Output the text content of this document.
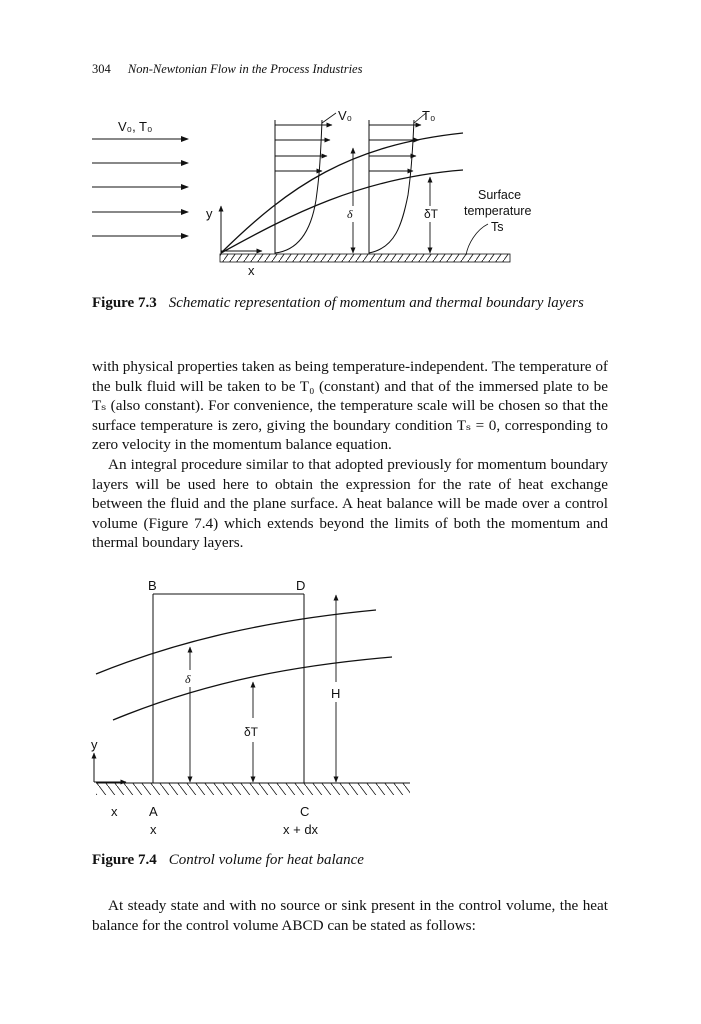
304 Non-Newtonian Flow in the Process Industries
V₀, T₀
y
x
V₀
δ
T₀
δT
Surface
temperature
Ts
Figure 7.3 Schematic representation of momentum and thermal boundary layers

with physical properties taken as being temperature-independent. The temperature of the bulk fluid will be taken to be T₀ (constant) and that of the immersed plate to be Tₛ (also constant). For convenience, the temperature scale will be chosen so that the surface temperature is zero, giving the boundary condition Tₛ = 0, corresponding to zero velocity in the momentum balance equation.

An integral procedure similar to that adopted previously for momentum boundary layers will be used here to obtain the expression for the rate of heat exchange between the fluid and the plane surface. A heat balance will be made over a control volume (Figure 7.4) which extends beyond the limits of both the momentum and thermal boundary layers.

B	D
δ
δT
H
y
x A
x
C
x + dx
Figure 7.4 Control volume for heat balance

At steady state and with no source or sink present in the control volume, the heat balance for the control volume ABCD can be stated as follows:
